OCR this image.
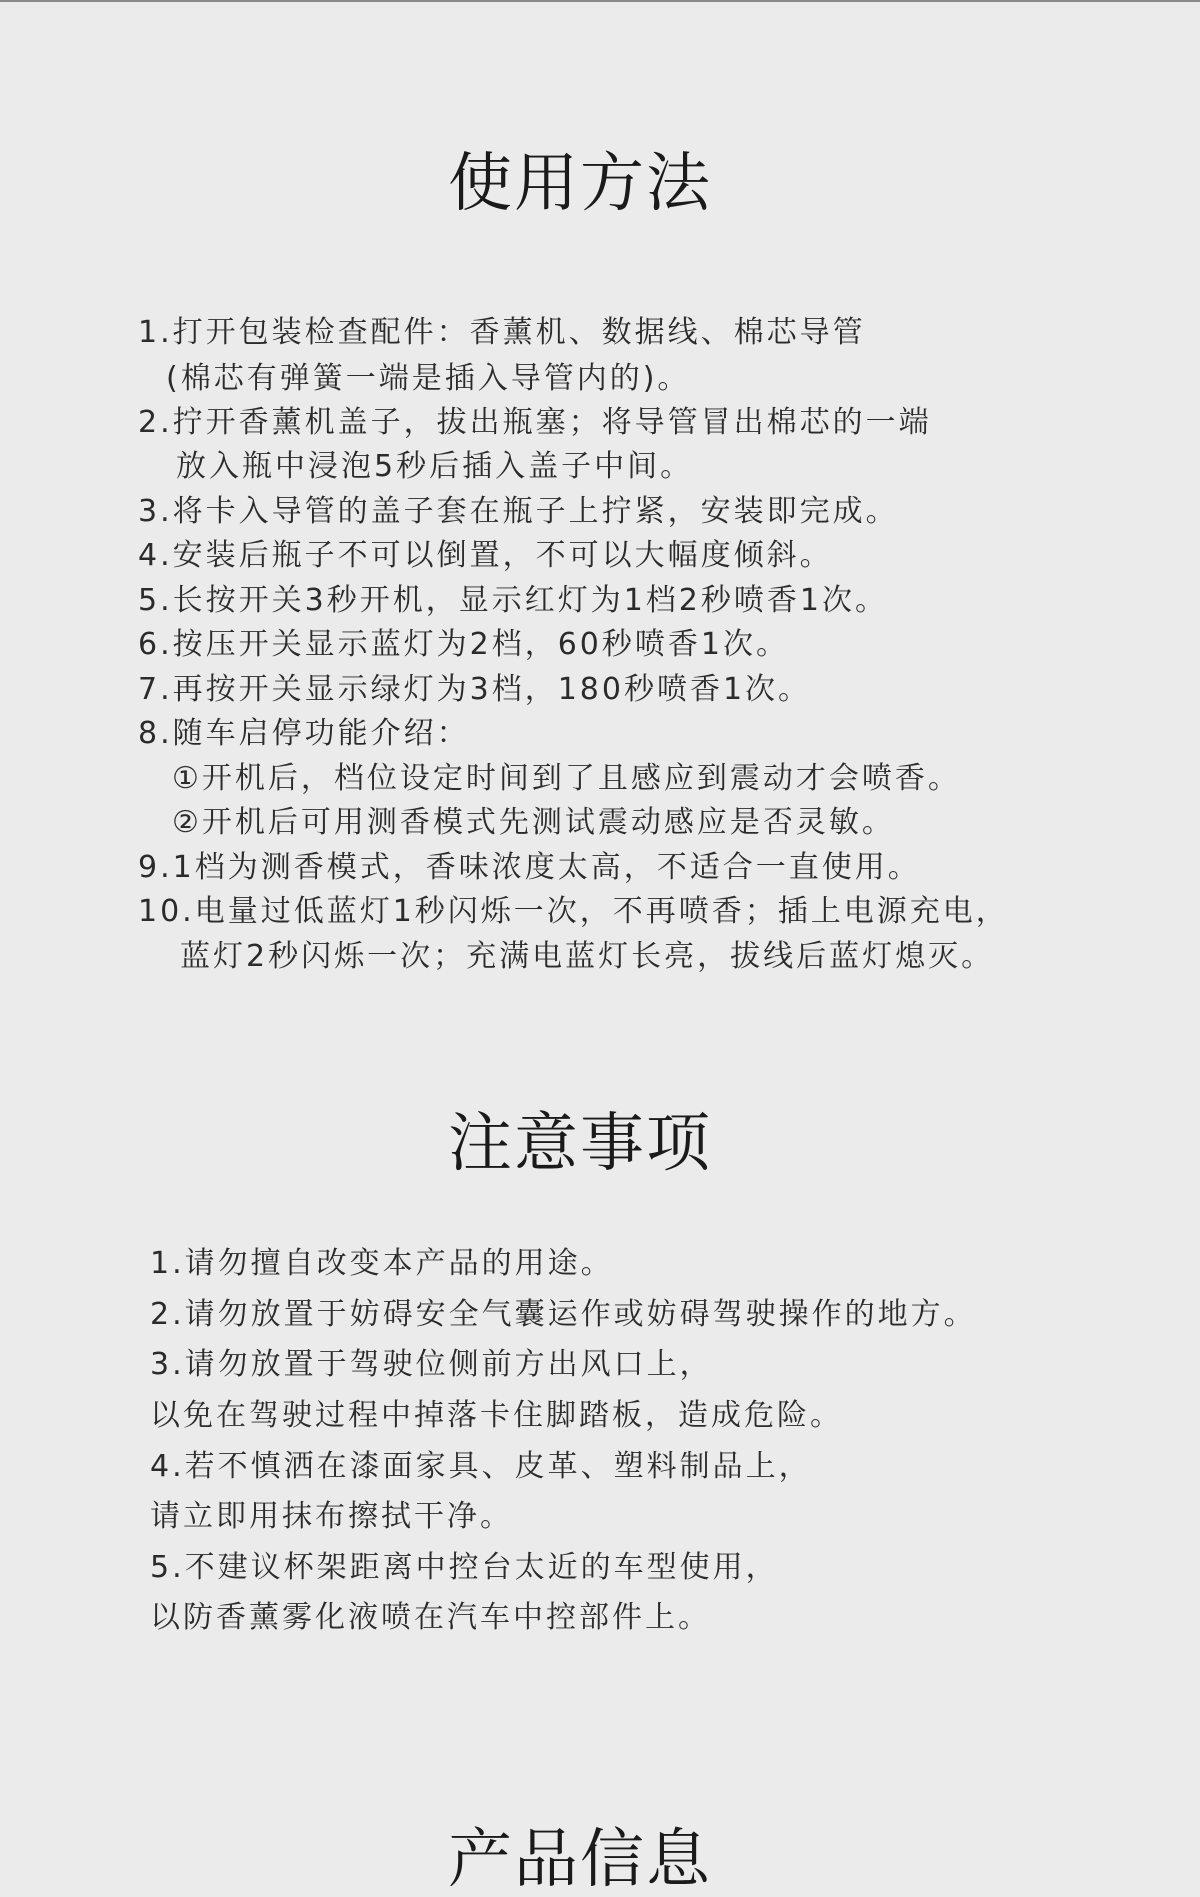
使用方法
1.打开包装检查配件：香薰机、数据线、棉芯导管
(棉芯有弹簧一端是插入导管内的)。
2.拧开香薰机盖子，拔出瓶塞；将导管冒出棉芯的一端
放入瓶中浸泡5秒后插入盖子中间。
3.将卡入导管的盖子套在瓶子上拧紧，安装即完成。
4.安装后瓶子不可以倒置，不可以大幅度倾斜。
5.长按开关3秒开机，显示红灯为1档2秒喷香1次。
6.按压开关显示蓝灯为2档，60秒喷香1次。
7.再按开关显示绿灯为3档，180秒喷香1次。
8.随车启停功能介绍：
①开机后，档位设定时间到了且感应到震动才会喷香。
②开机后可用测香模式先测试震动感应是否灵敏。
9.1档为测香模式，香味浓度太高，不适合一直使用。
10.电量过低蓝灯1秒闪烁一次，不再喷香；插上电源充电，
蓝灯2秒闪烁一次；充满电蓝灯长亮，拔线后蓝灯熄灭。
注意事项
1.请勿擅自改变本产品的用途。
2.请勿放置于妨碍安全气囊运作或妨碍驾驶操作的地方。
3.请勿放置于驾驶位侧前方出风口上，
以免在驾驶过程中掉落卡住脚踏板，造成危险。
4.若不慎洒在漆面家具、皮革、塑料制品上，
请立即用抹布擦拭干净。
5.不建议杯架距离中控台太近的车型使用，
以防香薰雾化液喷在汽车中控部件上。
产品信息
